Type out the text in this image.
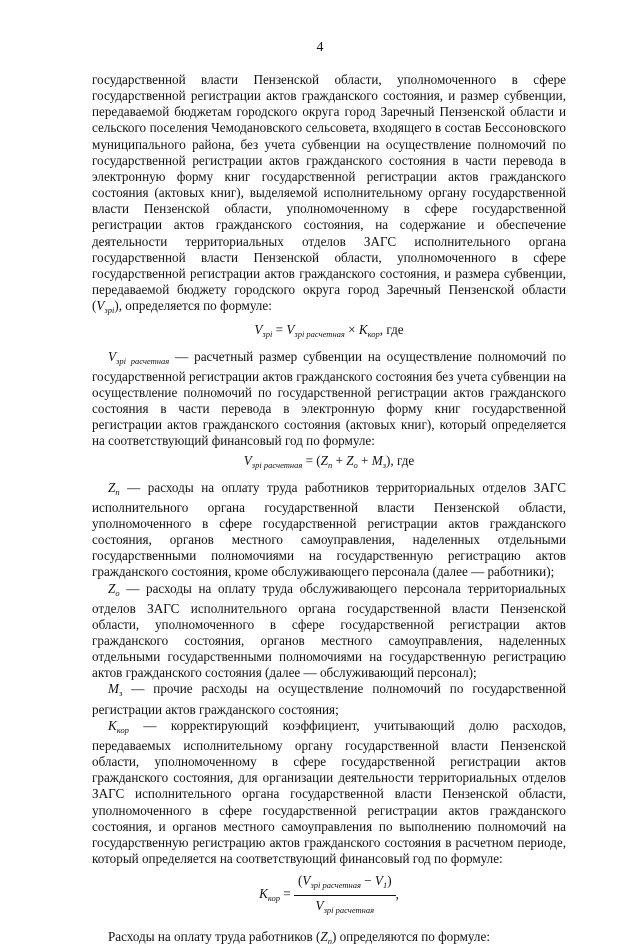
4

государственной власти Пензенской области, уполномоченного в сфере государственной регистрации актов гражданского состояния, и размер субвенции, передаваемой бюджетам городского округа город Заречный Пензенской области и сельского поселения Чемодановского сельсовета, входящего в состав Бессоновского муниципального района, без учета субвенции на осуществление полномочий по государственной регистрации актов гражданского состояния в части перевода в электронную форму книг государственной регистрации актов гражданского состояния (актовых книг), выделяемой исполнительному органу государственной власти Пензенской области, уполномоченному в сфере государственной регистрации актов гражданского состояния, на содержание и обеспечение деятельности территориальных отделов ЗАГС исполнительного органа государственной власти Пензенской области, уполномоченного в сфере государственной регистрации актов гражданского состояния, и размера субвенции, передаваемой бюджету городского округа город Заречный Пензенской области $(V_{зрi})$, определяется по формуле:

$V_{зрi} = V_{зрi расчетная} \times K_{кор}$, где

$V_{зрi расчетная}$ — расчетный размер субвенции на осуществление полномочий по государственной регистрации актов гражданского состояния без учета субвенции на осуществление полномочий по государственной регистрации актов гражданского состояния в части перевода в электронную форму книг государственной регистрации актов гражданского состояния (актовых книг), который определяется на соответствующий финансовый год по формуле:

$V_{зрi расчетная} = (Z_п + Z_о + M_з)$, где

$Z_п$ — расходы на оплату труда работников территориальных отделов ЗАГС исполнительного органа государственной власти Пензенской области, уполномоченного в сфере государственной регистрации актов гражданского состояния, органов местного самоуправления, наделенных отдельными государственными полномочиями на государственную регистрацию актов гражданского состояния, кроме обслуживающего персонала (далее — работники);

$Z_о$ — расходы на оплату труда обслуживающего персонала территориальных отделов ЗАГС исполнительного органа государственной власти Пензенской области, уполномоченного в сфере государственной регистрации актов гражданского состояния, органов местного самоуправления, наделенных отдельными государственными полномочиями на государственную регистрацию актов гражданского состояния (далее — обслуживающий персонал);

$M_з$ — прочие расходы на осуществление полномочий по государственной регистрации актов гражданского состояния;

$K_{кор}$ — корректирующий коэффициент, учитывающий долю расходов, передаваемых исполнительному органу государственной власти Пензенской области, уполномоченному в сфере государственной регистрации актов гражданского состояния, для организации деятельности территориальных отделов ЗАГС исполнительного органа государственной власти Пензенской области, уполномоченного в сфере государственной регистрации актов гражданского состояния, и органов местного самоуправления по выполнению полномочий на государственную регистрацию актов гражданского состояния в расчетном периоде, который определяется на соответствующий финансовый год по формуле:

$K_{кор} = \frac{(V_{зрi расчетная} - V_1)}{V_{зрi расчетная}}$ ,

Расходы на оплату труда работников $(Z_п)$ определяются по формуле:
